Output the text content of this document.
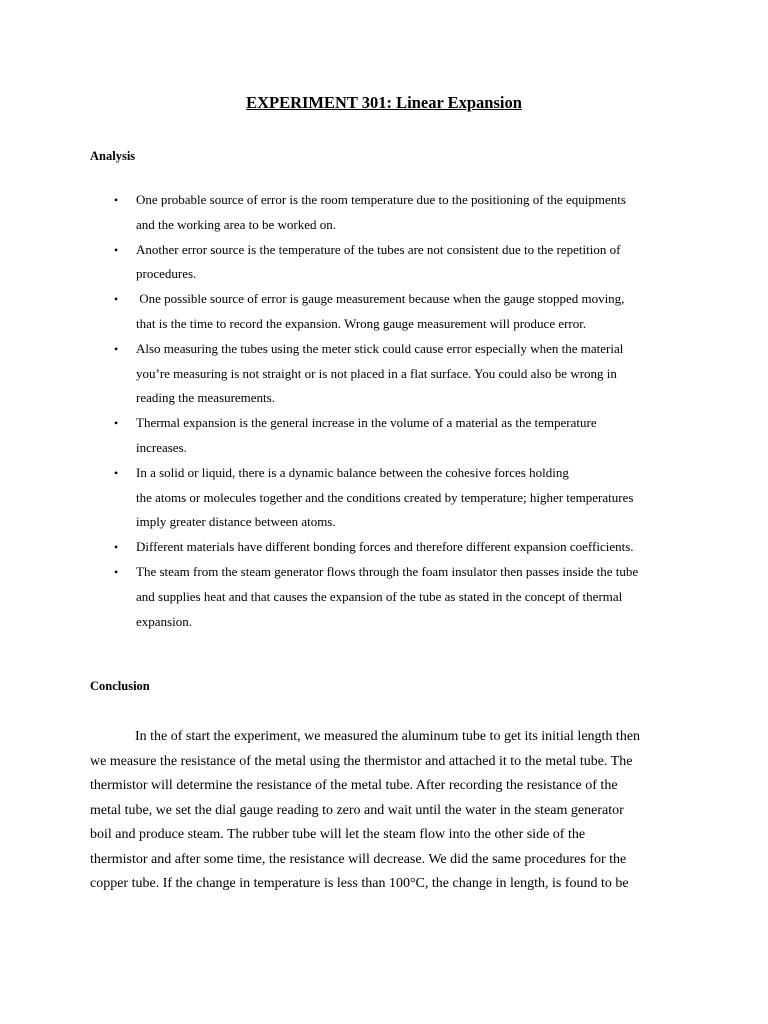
EXPERIMENT 301: Linear Expansion
Analysis
• One probable source of error is the room temperature due to the positioning of the equipments
and the working area to be worked on.
• Another error source is the temperature of the tubes are not consistent due to the repetition of
procedures.
• One possible source of error is gauge measurement because when the gauge stopped moving,
that is the time to record the expansion. Wrong gauge measurement will produce error.
• Also measuring the tubes using the meter stick could cause error especially when the material
you’re measuring is not straight or is not placed in a flat surface. You could also be wrong in
reading the measurements.
• Thermal expansion is the general increase in the volume of a material as the temperature
increases.
• In a solid or liquid, there is a dynamic balance between the cohesive forces holding
the atoms or molecules together and the conditions created by temperature; higher temperatures
imply greater distance between atoms.
• Different materials have different bonding forces and therefore different expansion coefficients.
• The steam from the steam generator flows through the foam insulator then passes inside the tube
and supplies heat and that causes the expansion of the tube as stated in the concept of thermal
expansion.
Conclusion
In the of start the experiment, we measured the aluminum tube to get its initial length then
we measure the resistance of the metal using the thermistor and attached it to the metal tube. The
thermistor will determine the resistance of the metal tube. After recording the resistance of the
metal tube, we set the dial gauge reading to zero and wait until the water in the steam generator
boil and produce steam. The rubber tube will let the steam flow into the other side of the
thermistor and after some time, the resistance will decrease. We did the same procedures for the
copper tube. If the change in temperature is less than 100°C, the change in length, is found to be
